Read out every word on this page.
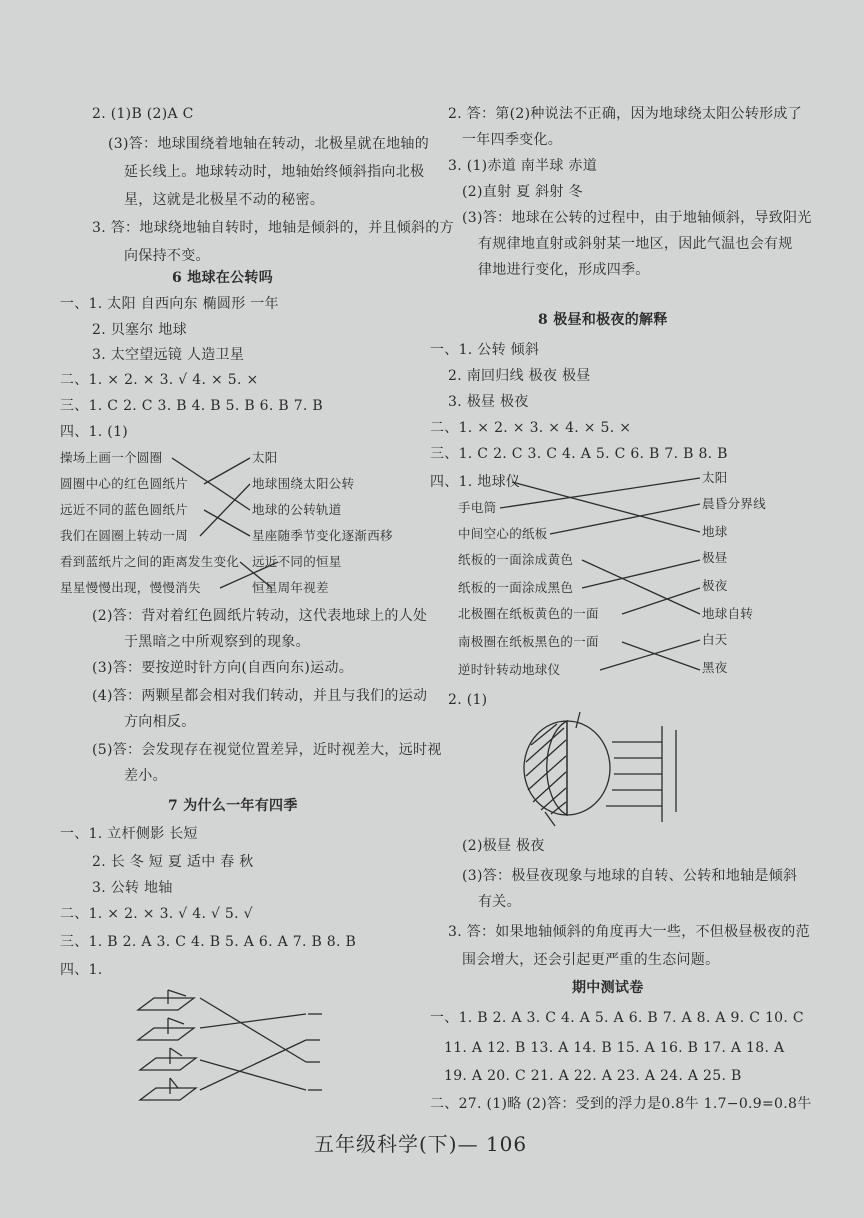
2. (1)B (2)A C
(3)答：地球围绕着地轴在转动，北极星就在地轴的
延长线上。地球转动时，地轴始终倾斜指向北极
星，这就是北极星不动的秘密。
3. 答：地球绕地轴自转时，地轴是倾斜的，并且倾斜的方
向保持不变。
6 地球在公转吗
一、1. 太阳 自西向东 椭圆形 一年
2. 贝塞尔 地球
3. 太空望远镜 人造卫星
二、1. × 2. × 3. √ 4. × 5. ×
三、1. C 2. C 3. B 4. B 5. B 6. B 7. B
四、1. (1)
操场上画一个圆圈
圆圈中心的红色圆纸片
远近不同的蓝色圆纸片
我们在圆圈上转动一周
看到蓝纸片之间的距离发生变化
星星慢慢出现，慢慢消失
太阳
地球围绕太阳公转
地球的公转轨道
星座随季节变化逐渐西移
远近不同的恒星
恒星周年视差
(2)答：背对着红色圆纸片转动，这代表地球上的人处
于黑暗之中所观察到的现象。
(3)答：要按逆时针方向(自西向东)运动。
(4)答：两颗星都会相对我们转动，并且与我们的运动
方向相反。
(5)答：会发现存在视觉位置差异，近时视差大，远时视
差小。
7 为什么一年有四季
一、1. 立杆侧影 长短
2. 长 冬 短 夏 适中 春 秋
3. 公转 地轴
二、1. × 2. × 3. √ 4. √ 5. √
三、1. B 2. A 3. C 4. B 5. A 6. A 7. B 8. B
四、1.
2. 答：第(2)种说法不正确，因为地球绕太阳公转形成了
一年四季变化。
3. (1)赤道 南半球 赤道
(2)直射 夏 斜射 冬
(3)答：地球在公转的过程中，由于地轴倾斜，导致阳光
有规律地直射或斜射某一地区，因此气温也会有规
律地进行变化，形成四季。
8 极昼和极夜的解释
一、1. 公转 倾斜
2. 南回归线 极夜 极昼
3. 极昼 极夜
二、1. × 2. × 3. × 4. × 5. ×
三、1. C 2. C 3. C 4. A 5. C 6. B 7. B 8. B
四、1. 地球仪
手电筒
中间空心的纸板
纸板的一面涂成黄色
纸板的一面涂成黑色
北极圈在纸板黄色的一面
南极圈在纸板黑色的一面
逆时针转动地球仪
太阳
晨昏分界线
地球
极昼
极夜
地球自转
白天
黑夜
2. (1)
(2)极昼 极夜
(3)答：极昼夜现象与地球的自转、公转和地轴是倾斜
有关。
3. 答：如果地轴倾斜的角度再大一些，不但极昼极夜的范
围会增大，还会引起更严重的生态问题。
期中测试卷
一、1. B 2. A 3. C 4. A 5. A 6. B 7. A 8. A 9. C 10. C
11. A 12. B 13. A 14. B 15. A 16. B 17. A 18. A
19. A 20. C 21. A 22. A 23. A 24. A 25. B
二、27. (1)略 (2)答：受到的浮力是0.8牛 1.7−0.9=0.8牛
五年级科学(下)— 106
